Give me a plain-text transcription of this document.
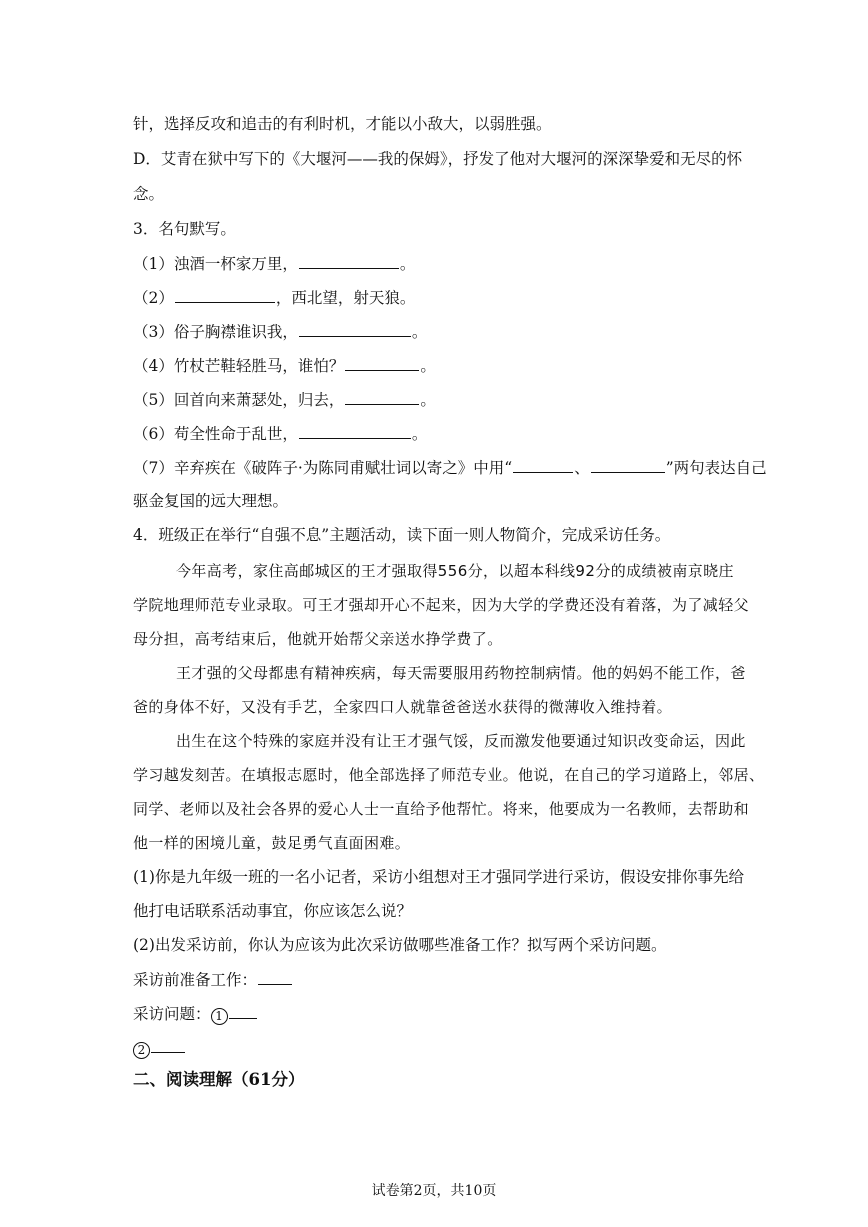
针，选择反攻和追击的有利时机，才能以小敌大，以弱胜强。
D．艾青在狱中写下的《大堰河——我的保姆》，抒发了他对大堰河的深深挚爱和无尽的怀
念。
3．名句默写。
（1）浊酒一杯家万里，	。
（2）	，西北望，射天狼。
（3）俗子胸襟谁识我，	。
（4）竹杖芒鞋轻胜马，谁怕？	。
（5）回首向来萧瑟处，归去，	。
（6）苟全性命于乱世，	。
（7）辛弃疾在《破阵子·为陈同甫赋壮词以寄之》中用“	、	”两句表达自己
驱金复国的远大理想。
4．班级正在举行“自强不息”主题活动，读下面一则人物简介，完成采访任务。
今年高考，家住高邮城区的王才强取得556分，以超本科线92分的成绩被南京晓庄
学院地理师范专业录取。可王才强却开心不起来，因为大学的学费还没有着落，为了减轻父
母分担，高考结束后，他就开始帮父亲送水挣学费了。
王才强的父母都患有精神疾病，每天需要服用药物控制病情。他的妈妈不能工作，爸
爸的身体不好，又没有手艺，全家四口人就靠爸爸送水获得的微薄收入维持着。
出生在这个特殊的家庭并没有让王才强气馁，反而激发他要通过知识改变命运，因此
学习越发刻苦。在填报志愿时，他全部选择了师范专业。他说，在自己的学习道路上，邻居、
同学、老师以及社会各界的爱心人士一直给予他帮忙。将来，他要成为一名教师，去帮助和
他一样的困境儿童，鼓足勇气直面困难。
(1)你是九年级一班的一名小记者，采访小组想对王才强同学进行采访，假设安排你事先给
他打电话联系活动事宜，你应该怎么说？
(2)出发采访前，你认为应该为此次采访做哪些准备工作？拟写两个采访问题。
采访前准备工作：
采访问题： 1
2
二、阅读理解（61分）
试卷第2页，共10页
